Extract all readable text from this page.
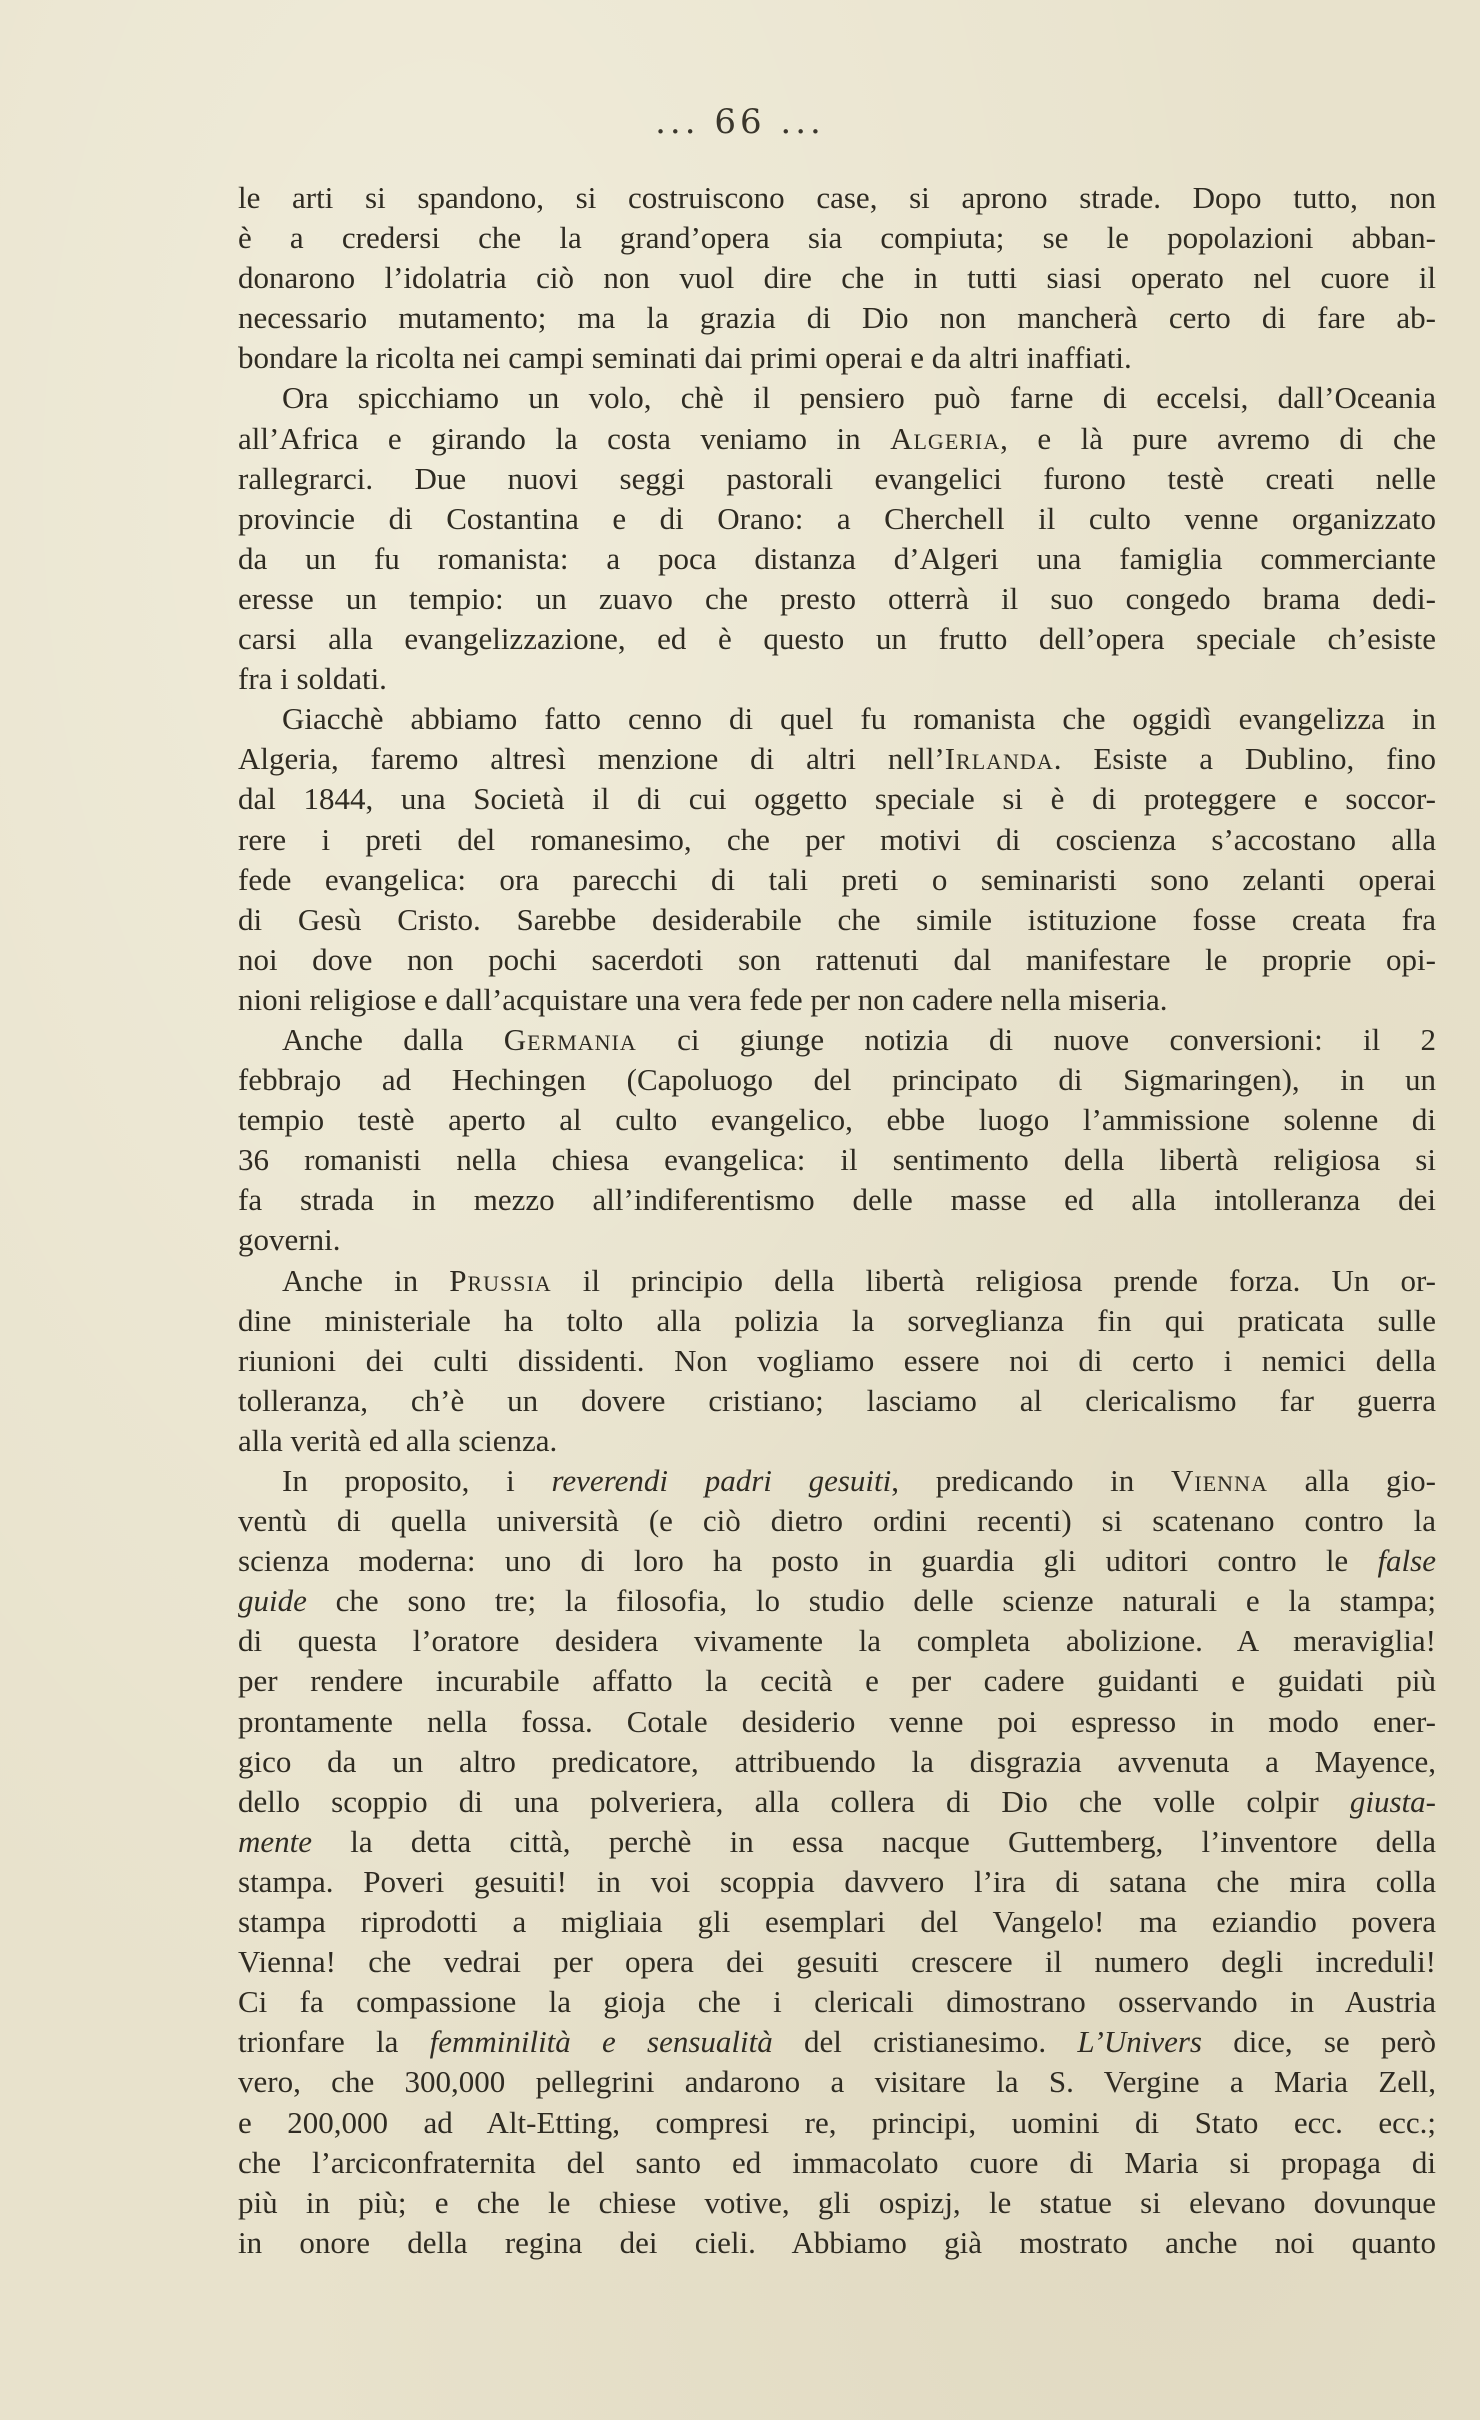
... 66 ...
le arti si spandono, si costruiscono case, si aprono strade. Dopo tutto, non
è a credersi che la grand’opera sia compiuta; se le popolazioni abban-
donarono l’idolatria ciò non vuol dire che in tutti siasi operato nel cuore il
necessario mutamento; ma la grazia di Dio non mancherà certo di fare ab-
bondare la ricolta nei campi seminati dai primi operai e da altri inaffiati.
Ora spicchiamo un volo, chè il pensiero può farne di eccelsi, dall’Oceania
all’Africa e girando la costa veniamo in Algeria, e là pure avremo di che
rallegrarci. Due nuovi seggi pastorali evangelici furono testè creati nelle
provincie di Costantina e di Orano: a Cherchell il culto venne organizzato
da un fu romanista: a poca distanza d’Algeri una famiglia commerciante
eresse un tempio: un zuavo che presto otterrà il suo congedo brama dedi-
carsi alla evangelizzazione, ed è questo un frutto dell’opera speciale ch’esiste
fra i soldati.
Giacchè abbiamo fatto cenno di quel fu romanista che oggidì evangelizza in
Algeria, faremo altresì menzione di altri nell’Irlanda. Esiste a Dublino, fino
dal 1844, una Società il di cui oggetto speciale si è di proteggere e soccor-
rere i preti del romanesimo, che per motivi di coscienza s’accostano alla
fede evangelica: ora parecchi di tali preti o seminaristi sono zelanti operai
di Gesù Cristo. Sarebbe desiderabile che simile istituzione fosse creata fra
noi dove non pochi sacerdoti son rattenuti dal manifestare le proprie opi-
nioni religiose e dall’acquistare una vera fede per non cadere nella miseria.
Anche dalla Germania ci giunge notizia di nuove conversioni: il 2
febbrajo ad Hechingen (Capoluogo del principato di Sigmaringen), in un
tempio testè aperto al culto evangelico, ebbe luogo l’ammissione solenne di
36 romanisti nella chiesa evangelica: il sentimento della libertà religiosa si
fa strada in mezzo all’indiferentismo delle masse ed alla intolleranza dei
governi.
Anche in Prussia il principio della libertà religiosa prende forza. Un or-
dine ministeriale ha tolto alla polizia la sorveglianza fin qui praticata sulle
riunioni dei culti dissidenti. Non vogliamo essere noi di certo i nemici della
tolleranza, ch’è un dovere cristiano; lasciamo al clericalismo far guerra
alla verità ed alla scienza.
In proposito, i reverendi padri gesuiti, predicando in Vienna alla gio-
ventù di quella università (e ciò dietro ordini recenti) si scatenano contro la
scienza moderna: uno di loro ha posto in guardia gli uditori contro le false
guide che sono tre; la filosofia, lo studio delle scienze naturali e la stampa;
di questa l’oratore desidera vivamente la completa abolizione. A meraviglia!
per rendere incurabile affatto la cecità e per cadere guidanti e guidati più
prontamente nella fossa. Cotale desiderio venne poi espresso in modo ener-
gico da un altro predicatore, attribuendo la disgrazia avvenuta a Mayence,
dello scoppio di una polveriera, alla collera di Dio che volle colpir giusta-
mente la detta città, perchè in essa nacque Guttemberg, l’inventore della
stampa. Poveri gesuiti! in voi scoppia davvero l’ira di satana che mira colla
stampa riprodotti a migliaia gli esemplari del Vangelo! ma eziandio povera
Vienna! che vedrai per opera dei gesuiti crescere il numero degli increduli!
Ci fa compassione la gioja che i clericali dimostrano osservando in Austria
trionfare la femminilità e sensualità del cristianesimo. L’Univers dice, se però
vero, che 300,000 pellegrini andarono a visitare la S. Vergine a Maria Zell,
e 200,000 ad Alt-Etting, compresi re, principi, uomini di Stato ecc. ecc.;
che l’arciconfraternita del santo ed immacolato cuore di Maria si propaga di
più in più; e che le chiese votive, gli ospizj, le statue si elevano dovunque
in onore della regina dei cieli. Abbiamo già mostrato anche noi quanto
